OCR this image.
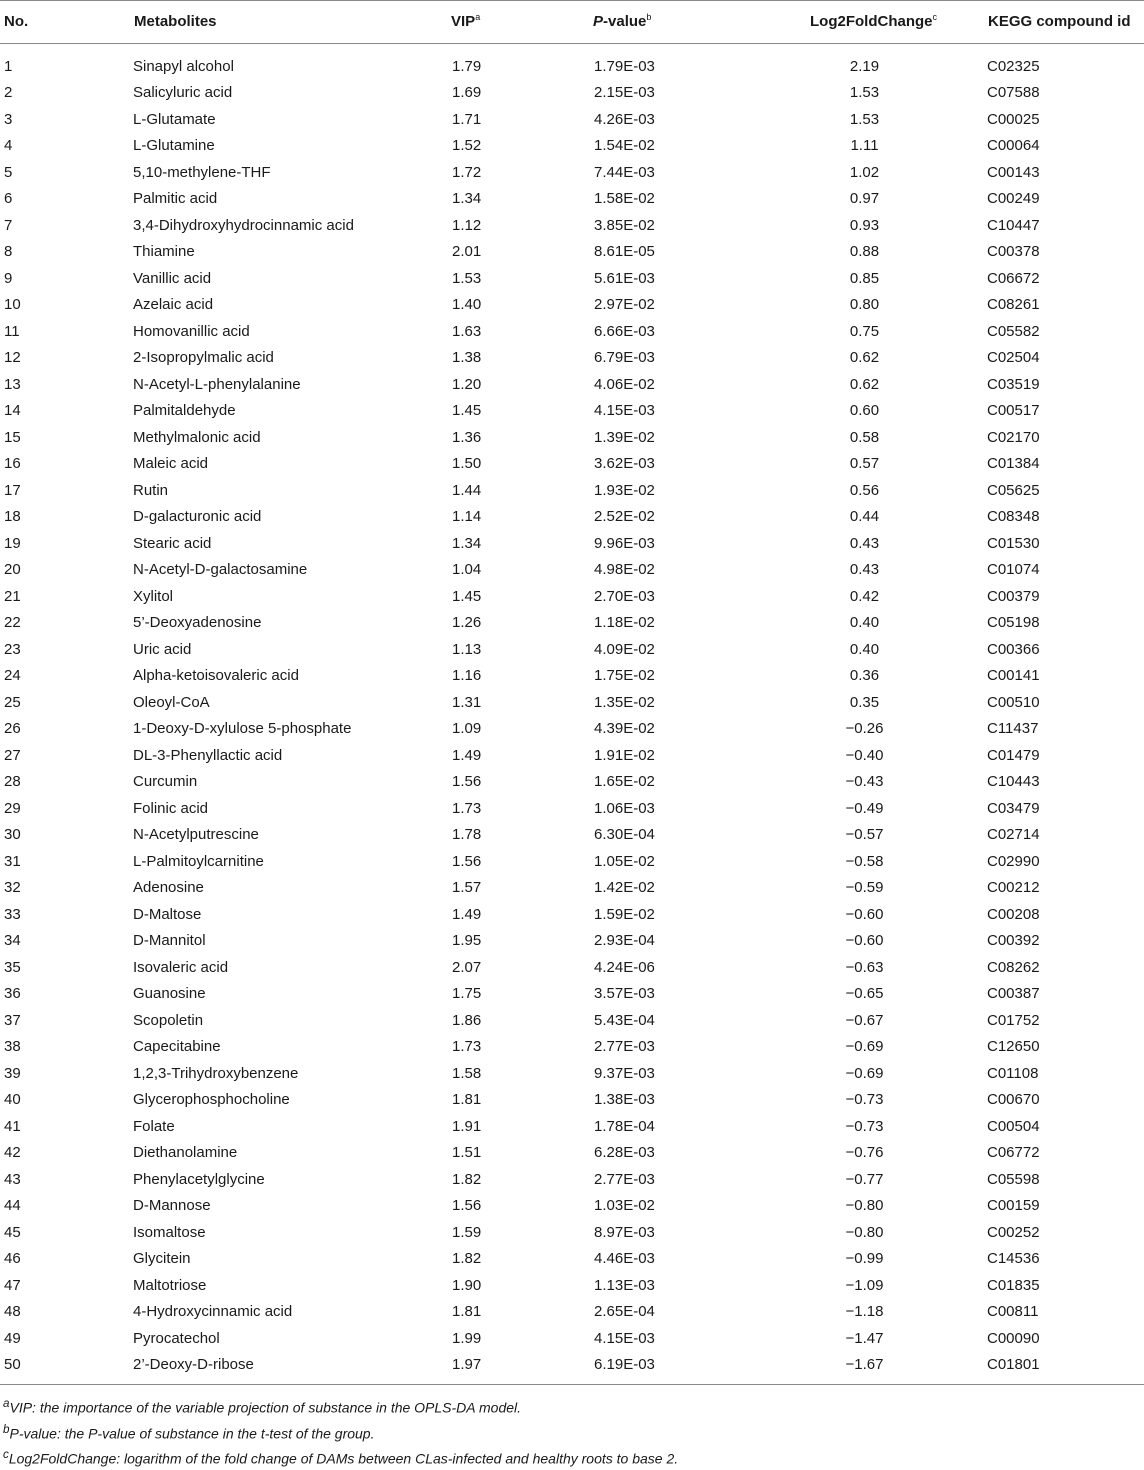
No.	Metabolites	VIP$^a$	P-value$^b$	Log2FoldChange$^c$	KEGG compound id
1	Sinapyl alcohol	1.79	1.79E-03	2.19	C02325
2	Salicyluric acid	1.69	2.15E-03	1.53	C07588
3	L-Glutamate	1.71	4.26E-03	1.53	C00025
4	L-Glutamine	1.52	1.54E-02	1.11	C00064
5	5,10-methylene-THF	1.72	7.44E-03	1.02	C00143
6	Palmitic acid	1.34	1.58E-02	0.97	C00249
7	3,4-Dihydroxyhydrocinnamic acid	1.12	3.85E-02	0.93	C10447
8	Thiamine	2.01	8.61E-05	0.88	C00378
9	Vanillic acid	1.53	5.61E-03	0.85	C06672
10	Azelaic acid	1.40	2.97E-02	0.80	C08261
11	Homovanillic acid	1.63	6.66E-03	0.75	C05582
12	2-Isopropylmalic acid	1.38	6.79E-03	0.62	C02504
13	N-Acetyl-L-phenylalanine	1.20	4.06E-02	0.62	C03519
14	Palmitaldehyde	1.45	4.15E-03	0.60	C00517
15	Methylmalonic acid	1.36	1.39E-02	0.58	C02170
16	Maleic acid	1.50	3.62E-03	0.57	C01384
17	Rutin	1.44	1.93E-02	0.56	C05625
18	D-galacturonic acid	1.14	2.52E-02	0.44	C08348
19	Stearic acid	1.34	9.96E-03	0.43	C01530
20	N-Acetyl-D-galactosamine	1.04	4.98E-02	0.43	C01074
21	Xylitol	1.45	2.70E-03	0.42	C00379
22	5’-Deoxyadenosine	1.26	1.18E-02	0.40	C05198
23	Uric acid	1.13	4.09E-02	0.40	C00366
24	Alpha-ketoisovaleric acid	1.16	1.75E-02	0.36	C00141
25	Oleoyl-CoA	1.31	1.35E-02	0.35	C00510
26	1-Deoxy-D-xylulose 5-phosphate	1.09	4.39E-02	−0.26	C11437
27	DL-3-Phenyllactic acid	1.49	1.91E-02	−0.40	C01479
28	Curcumin	1.56	1.65E-02	−0.43	C10443
29	Folinic acid	1.73	1.06E-03	−0.49	C03479
30	N-Acetylputrescine	1.78	6.30E-04	−0.57	C02714
31	L-Palmitoylcarnitine	1.56	1.05E-02	−0.58	C02990
32	Adenosine	1.57	1.42E-02	−0.59	C00212
33	D-Maltose	1.49	1.59E-02	−0.60	C00208
34	D-Mannitol	1.95	2.93E-04	−0.60	C00392
35	Isovaleric acid	2.07	4.24E-06	−0.63	C08262
36	Guanosine	1.75	3.57E-03	−0.65	C00387
37	Scopoletin	1.86	5.43E-04	−0.67	C01752
38	Capecitabine	1.73	2.77E-03	−0.69	C12650
39	1,2,3-Trihydroxybenzene	1.58	9.37E-03	−0.69	C01108
40	Glycerophosphocholine	1.81	1.38E-03	−0.73	C00670
41	Folate	1.91	1.78E-04	−0.73	C00504
42	Diethanolamine	1.51	6.28E-03	−0.76	C06772
43	Phenylacetylglycine	1.82	2.77E-03	−0.77	C05598
44	D-Mannose	1.56	1.03E-02	−0.80	C00159
45	Isomaltose	1.59	8.97E-03	−0.80	C00252
46	Glycitein	1.82	4.46E-03	−0.99	C14536
47	Maltotriose	1.90	1.13E-03	−1.09	C01835
48	4-Hydroxycinnamic acid	1.81	2.65E-04	−1.18	C00811
49	Pyrocatechol	1.99	4.15E-03	−1.47	C00090
50	2’-Deoxy-D-ribose	1.97	6.19E-03	−1.67	C01801
$^a$VIP: the importance of the variable projection of substance in the OPLS-DA model.
$^b$P-value: the P-value of substance in the t-test of the group.
$^c$Log2FoldChange: logarithm of the fold change of DAMs between CLas-infected and healthy roots to base 2.
